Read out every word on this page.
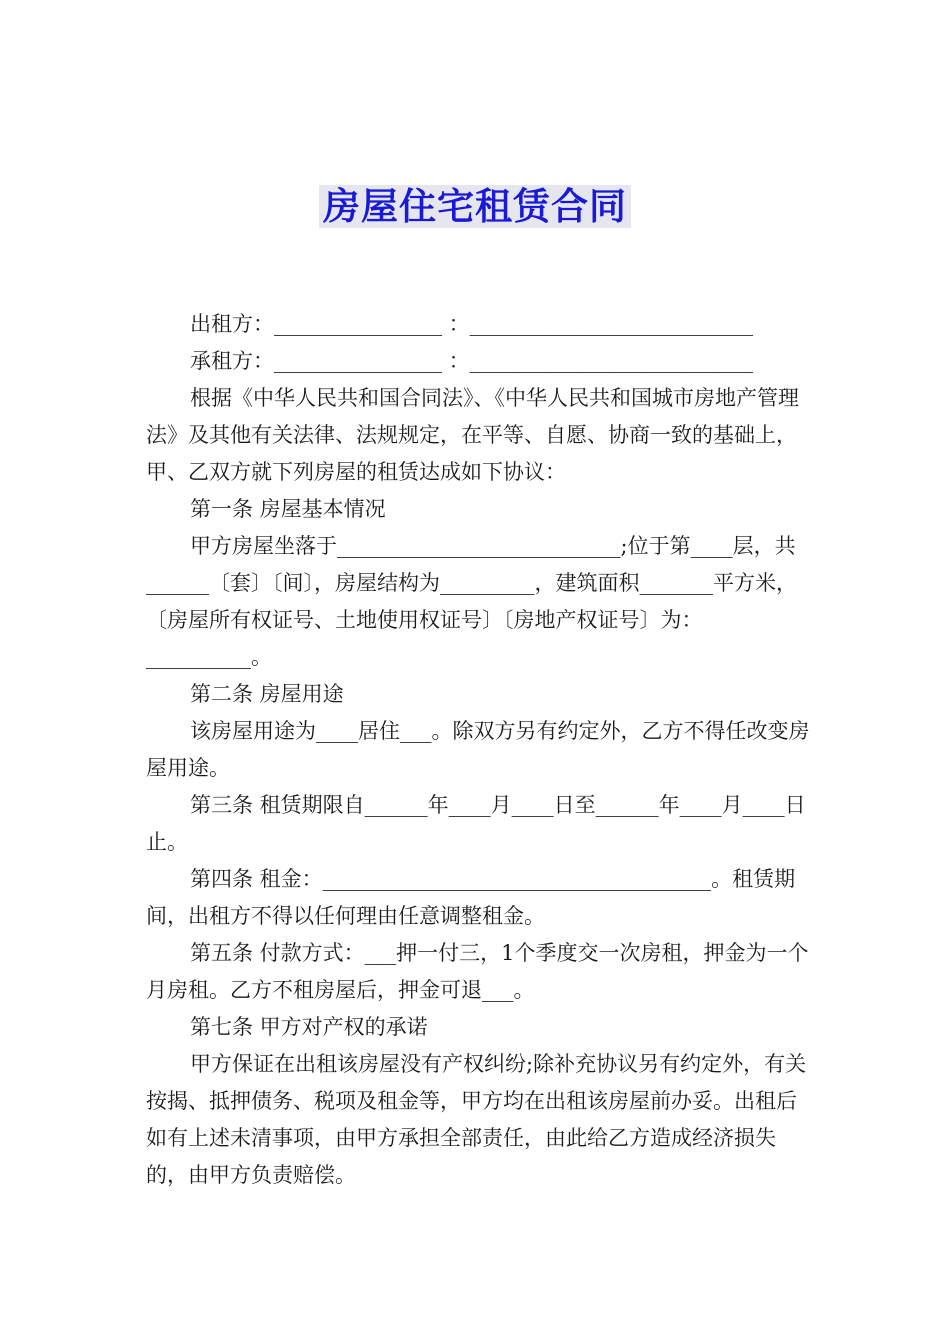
房屋住宅租赁合同

出租方：________________ ：___________________________

承租方：________________ ：___________________________

根据《中华人民共和国合同法》、《中华人民共和国城市房地产管理法》及其他有关法律、法规规定，在平等、自愿、协商一致的基础上，甲、乙双方就下列房屋的租赁达成如下协议：

第一条 房屋基本情况

甲方房屋坐落于___________________________;位于第____层，共______〔套〕〔间〕，房屋结构为_________，建筑面积_______平方米，〔房屋所有权证号、土地使用权证号〕〔房地产权证号〕为：__________。

第二条 房屋用途

该房屋用途为____居住___。除双方另有约定外，乙方不得任改变房屋用途。

第三条 租赁期限自______年____月____日至______年____月____日止。

第四条 租金：_____________________________________。租赁期间，出租方不得以任何理由任意调整租金。

第五条 付款方式：___押一付三，1个季度交一次房租，押金为一个月房租。乙方不租房屋后，押金可退___。

第七条 甲方对产权的承诺

甲方保证在出租该房屋没有产权纠纷;除补充协议另有约定外，有关按揭、抵押债务、税项及租金等，甲方均在出租该房屋前办妥。出租后如有上述未清事项，由甲方承担全部责任，由此给乙方造成经济损失的，由甲方负责赔偿。
